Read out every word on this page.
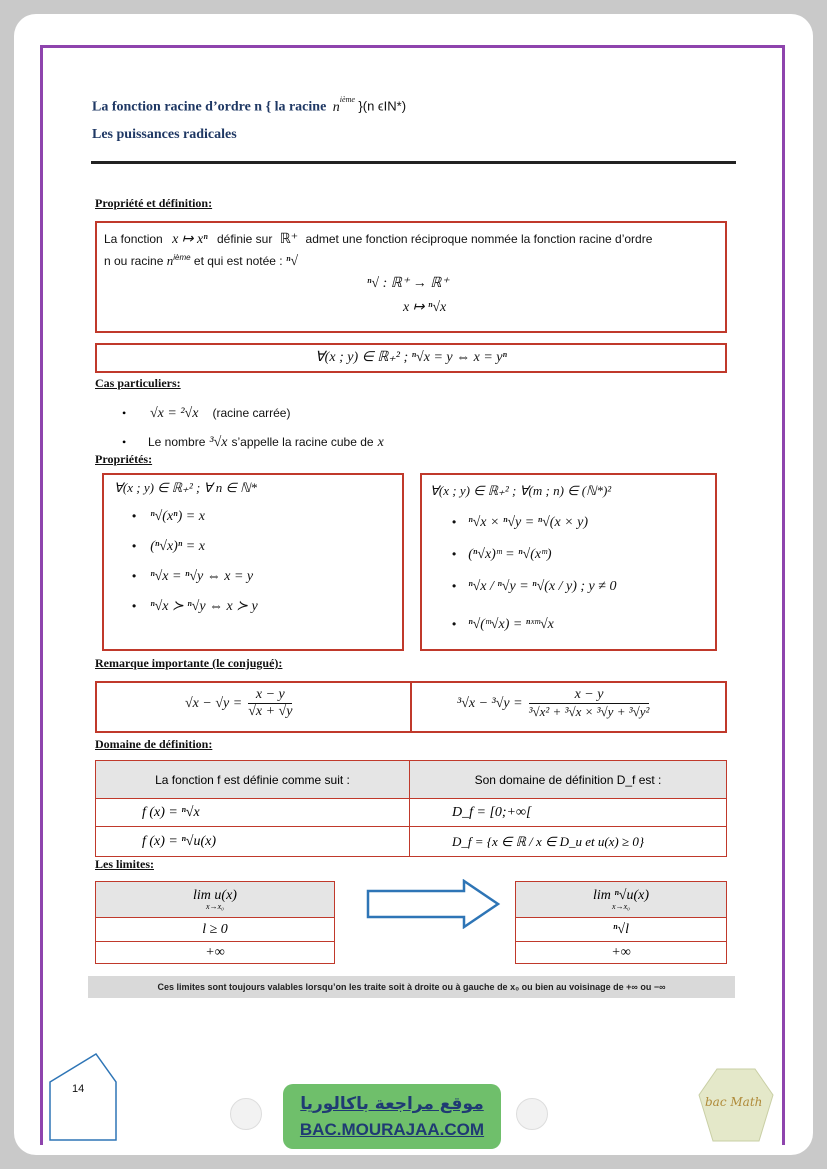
La fonction racine d’ordre n { la racine $n^{ième}$ }(n ϵIN*)
Les puissances radicales
Propriété et définition:
La fonction x ↦ xⁿ définie sur ℝ⁺ admet une fonction réciproque nommée la fonction racine d’ordre
n ou racine $n^{ième}$ et qui est notée : ⁿ√
ⁿ√ : ℝ⁺ → ℝ⁺
x ↦ ⁿ√x
∀(x ; y) ∈ ℝ₊² ; ⁿ√x = y ⇔ x = yⁿ
Cas particuliers:
• √x = ²√x (racine carrée)
• Le nombre ³√x s’appelle la racine cube de x
Propriétés:
∀(x ; y) ∈ ℝ₊² ; ∀ n ∈ ℕ*
• ⁿ√(xⁿ) = x
• (ⁿ√x)ⁿ = x
• ⁿ√x = ⁿ√y ⇔ x = y
• ⁿ√x ≻ ⁿ√y ⇔ x ≻ y
∀(x ; y) ∈ ℝ₊² ; ∀(m ; n) ∈ (ℕ*)²
• ⁿ√x × ⁿ√y = ⁿ√(x × y)
• (ⁿ√x)ᵐ = ⁿ√(xᵐ)
• ⁿ√x / ⁿ√y = ⁿ√(x / y) ; y ≠ 0
• ⁿ√(ᵐ√x) = ⁿˣᵐ√x
Remarque importante (le conjugué):
$√x - √y = \frac{x - y}{√x + √y}$	$^3√x - ^3√y = \frac{x - y}{\text{³√x² + ³√x × ³√y + ³√y²}}$
Domaine de définition:
La fonction f est définie comme suit :	Son domaine de définition D_f est :
f (x) = ⁿ√x	D_f = [0;+∞[
f (x) = ⁿ√u(x)	D_f = {x ∈ ℝ / x ∈ D_u et u(x) ≥ 0}
Les limites:
lim u(x)
x→x₀

l ≥ 0
+∞
lim ⁿ√u(x)
x→x₀

ⁿ√l
+∞
Ces limites sont toujours valables lorsqu’on les traite soit à droite ou à gauche de x₀ ou bien au voisinage de +∞ ou −∞
14
موقع مراجعة باكالوريا
BAC.MOURAJAA.COM
bac Math
